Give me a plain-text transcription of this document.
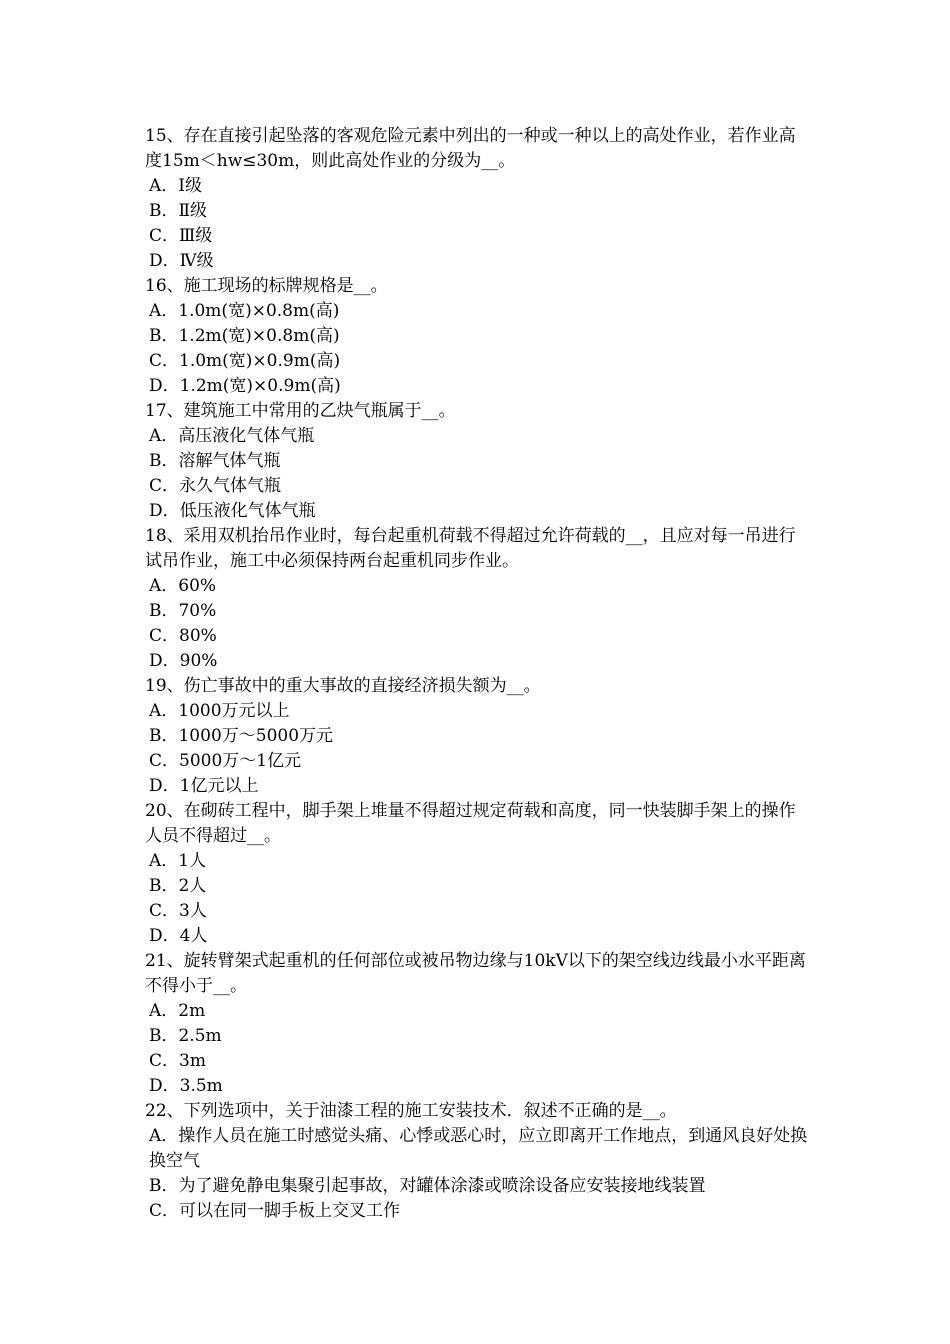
15、存在直接引起坠落的客观危险元素中列出的一种或一种以上的高处作业，若作业高度15m＜hw≤30m，则此高处作业的分级为__。

A．Ⅰ级

B．Ⅱ级

C．Ⅲ级

D．Ⅳ级

16、施工现场的标牌规格是__。

A．1.0m(宽)×0.8m(高)

B．1.2m(宽)×0.8m(高)

C．1.0m(宽)×0.9m(高)

D．1.2m(宽)×0.9m(高)

17、建筑施工中常用的乙炔气瓶属于__。

A．高压液化气体气瓶

B．溶解气体气瓶

C．永久气体气瓶

D．低压液化气体气瓶

18、采用双机抬吊作业时，每台起重机荷载不得超过允许荷载的__，且应对每一吊进行试吊作业，施工中必须保持两台起重机同步作业。

A．60%

B．70%

C．80%

D．90%

19、伤亡事故中的重大事故的直接经济损失额为__。

A．1000万元以上

B．1000万～5000万元

C．5000万～1亿元

D．1亿元以上

20、在砌砖工程中，脚手架上堆量不得超过规定荷载和高度，同一快装脚手架上的操作人员不得超过__。

A．1人

B．2人

C．3人

D．4人

21、旋转臂架式起重机的任何部位或被吊物边缘与10kV以下的架空线边线最小水平距离不得小于__。

A．2m

B．2.5m

C．3m

D．3.5m

22、下列选项中，关于油漆工程的施工安装技术．叙述不正确的是__。

A．操作人员在施工时感觉头痛、心悸或恶心时，应立即离开工作地点，到通风良好处换换空气

B．为了避免静电集聚引起事故，对罐体涂漆或喷涂设备应安装接地线装置

C．可以在同一脚手板上交叉工作
